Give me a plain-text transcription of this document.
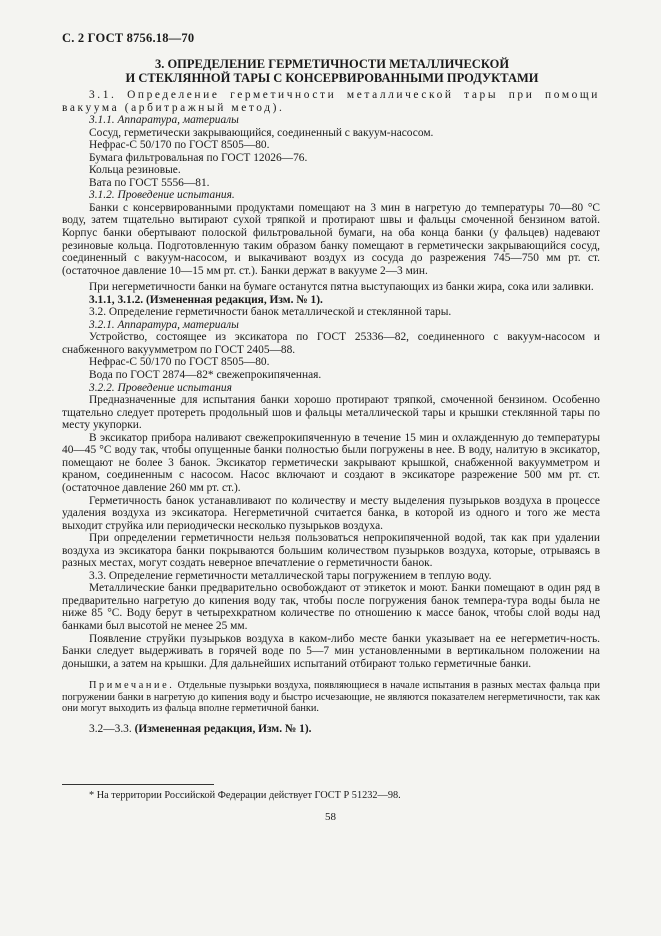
С. 2 ГОСТ 8756.18—70
3. ОПРЕДЕЛЕНИЕ ГЕРМЕТИЧНОСТИ МЕТАЛЛИЧЕСКОЙ
И СТЕКЛЯННОЙ ТАРЫ С КОНСЕРВИРОВАННЫМИ ПРОДУКТАМИ

3.1. Определение герметичности металлической тары при помощи вакуума (арбитражный метод).

3.1.1. Аппаратура, материалы

Сосуд, герметически закрывающийся, соединенный с вакуум-насосом.

Нефрас-С 50/170 по ГОСТ 8505—80.

Бумага фильтровальная по ГОСТ 12026—76.

Кольца резиновые.

Вата по ГОСТ 5556—81.

3.1.2. Проведение испытания.

Банки с консервированными продуктами помещают на 3 мин в нагретую до температуры 70—80 °С воду, затем тщательно вытирают сухой тряпкой и протирают швы и фальцы смоченной бензином ватой. Корпус банки обертывают полоской фильтровальной бумаги, на оба конца банки (у фальцев) надевают резиновые кольца. Подготовленную таким образом банку помещают в герметически закрывающийся сосуд, соединенный с вакуум-насосом, и выкачивают воздух из сосуда до разрежения 745—750 мм рт. ст. (остаточное давление 10—15 мм рт. ст.). Банки держат в вакууме 2—3 мин.

При негерметичности банки на бумаге останутся пятна выступающих из банки жира, сока или заливки.

3.1.1, 3.1.2. (Измененная редакция, Изм. № 1).

3.2. Определение герметичности банок металлической и стеклянной тары.

3.2.1. Аппаратура, материалы

Устройство, состоящее из эксикатора по ГОСТ 25336—82, соединенного с вакуум-насосом и снабженного вакуумметром по ГОСТ 2405—88.

Нефрас-С 50/170 по ГОСТ 8505—80.

Вода по ГОСТ 2874—82* свежепрокипяченная.

3.2.2. Проведение испытания

Предназначенные для испытания банки хорошо протирают тряпкой, смоченной бензином. Особенно тщательно следует протереть продольный шов и фальцы металлической тары и крышки стеклянной тары по месту укупорки.

В эксикатор прибора наливают свежепрокипяченную в течение 15 мин и охлажденную до температуры 40—45 °С воду так, чтобы опущенные банки полностью были погружены в нее. В воду, налитую в эксикатор, помещают не более 3 банок. Эксикатор герметически закрывают крышкой, снабженной вакуумметром и краном, соединенным с насосом. Насос включают и создают в эксикаторе разрежение 500 мм рт. ст. (остаточное давление 260 мм рт. ст.).

Герметичность банок устанавливают по количеству и месту выделения пузырьков воздуха в процессе удаления воздуха из эксикатора. Негерметичной считается банка, в которой из одного и того же места выходит струйка или периодически несколько пузырьков воздуха.

При определении герметичности нельзя пользоваться непрокипяченной водой, так как при удалении воздуха из эксикатора банки покрываются большим количеством пузырьков воздуха, которые, отрываясь в разных местах, могут создать неверное впечатление о герметичности банок.

3.3. Определение герметичности металлической тары погружением в теплую воду.

Металлические банки предварительно освобождают от этикеток и моют. Банки помещают в один ряд в предварительно нагретую до кипения воду так, чтобы после погружения банок темпера-тура воды была не ниже 85 °С. Воду берут в четырехкратном количестве по отношению к массе банок, чтобы слой воды над банками был высотой не менее 25 мм.

Появление струйки пузырьков воздуха в каком-либо месте банки указывает на ее негерметич-ность. Банки следует выдерживать в горячей воде по 5—7 мин установленными в вертикальном положении на донышки, а затем на крышки. Для дальнейших испытаний отбирают только герметичные банки.

Примечание. Отдельные пузырьки воздуха, появляющиеся в начале испытания в разных местах фальца при погружении банки в нагретую до кипения воду и быстро исчезающие, не являются показателем негерметичности, так как они могут выходить из фальца вполне герметичной банки.

3.2—3.3. (Измененная редакция, Изм. № 1).

* На территории Российской Федерации действует ГОСТ Р 51232—98.
58
